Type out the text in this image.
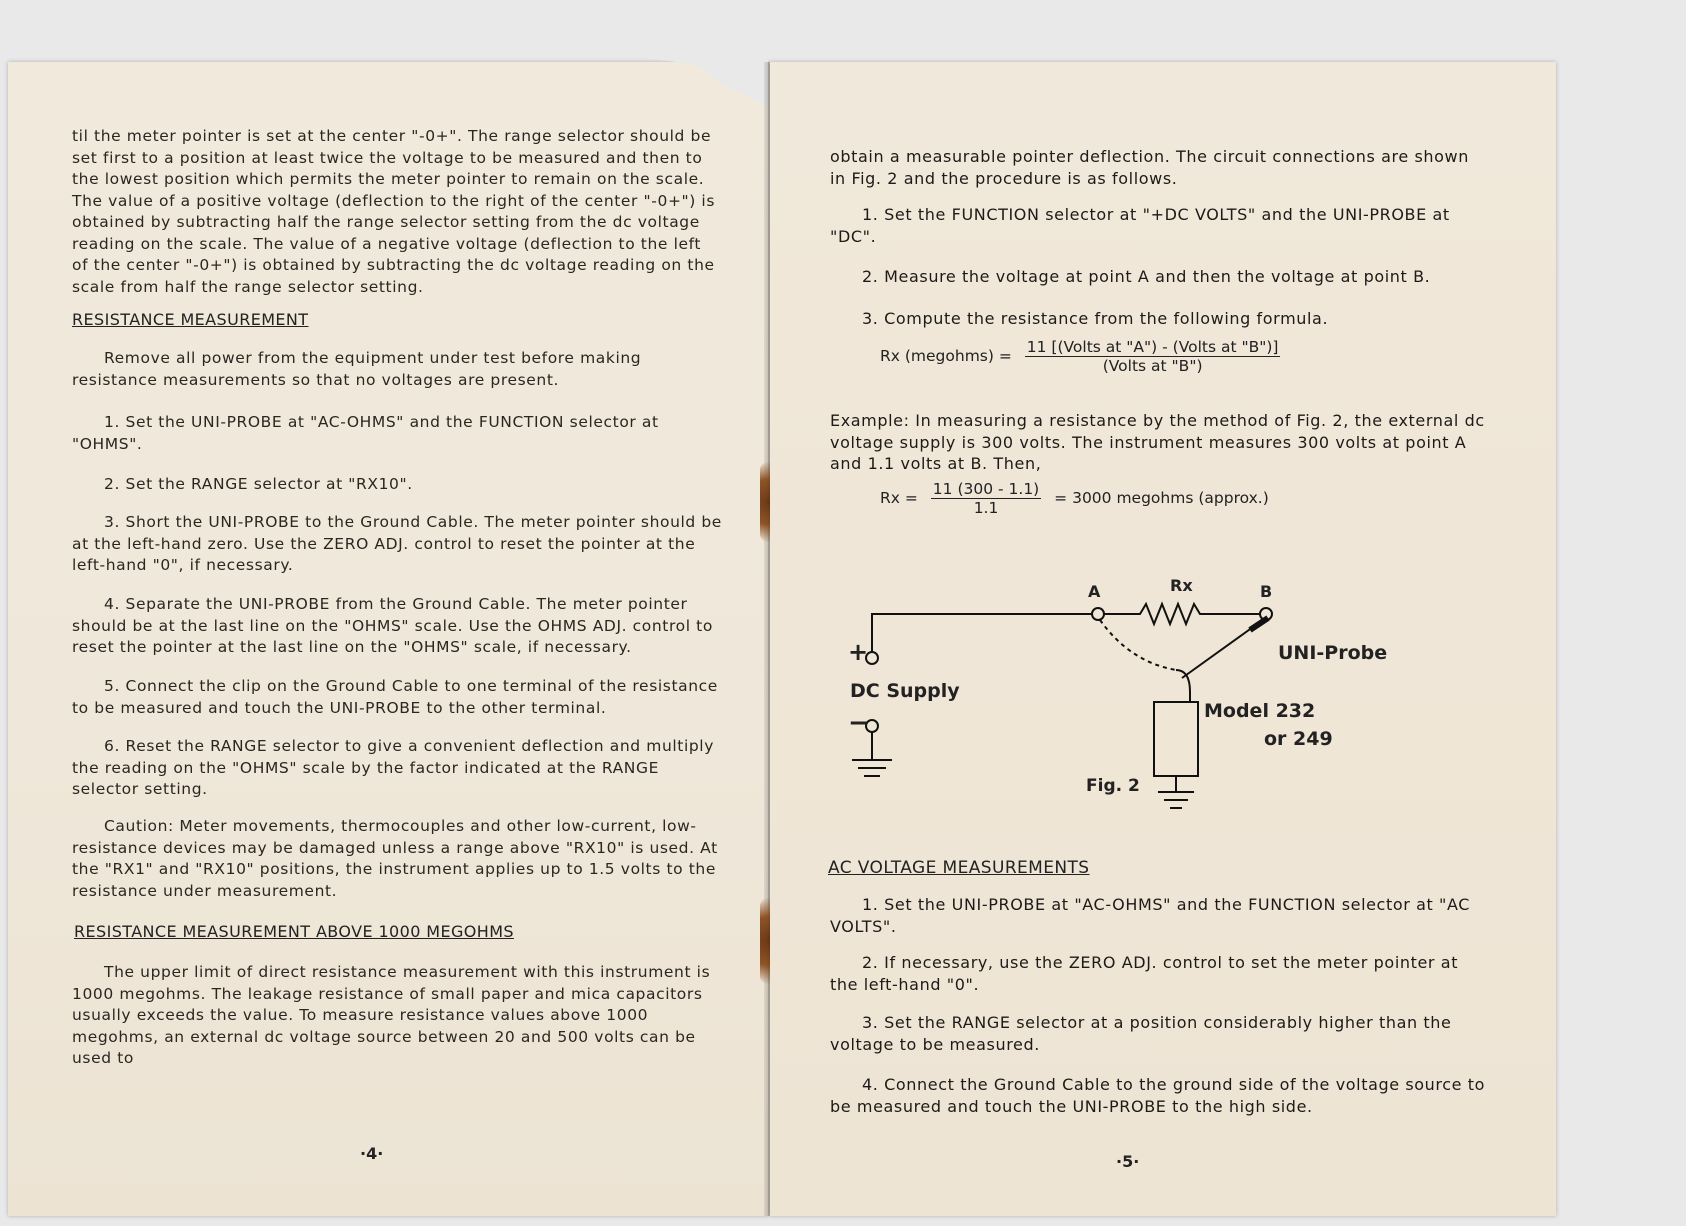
til the meter pointer is set at the center "-0+". The range selector should be set first to a position at least twice the voltage to be measured and then to the lowest position which permits the meter pointer to remain on the scale. The value of a positive voltage (deflection to the right of the center "-0+") is obtained by subtracting half the range selector setting from the dc voltage reading on the scale. The value of a negative voltage (deflection to the left of the center "-0+") is obtained by subtracting the dc voltage reading on the scale from half the range selector setting.

RESISTANCE MEASUREMENT

Remove all power from the equipment under test before making resistance measurements so that no voltages are present.

1. Set the UNI-PROBE at "AC-OHMS" and the FUNCTION selector at "OHMS".

2. Set the RANGE selector at "RX10".

3. Short the UNI-PROBE to the Ground Cable. The meter pointer should be at the left-hand zero. Use the ZERO ADJ. control to reset the pointer at the left-hand "0", if necessary.

4. Separate the UNI-PROBE from the Ground Cable. The meter pointer should be at the last line on the "OHMS" scale. Use the OHMS ADJ. control to reset the pointer at the last line on the "OHMS" scale, if necessary.

5. Connect the clip on the Ground Cable to one terminal of the resistance to be measured and touch the UNI-PROBE to the other terminal.

6. Reset the RANGE selector to give a convenient deflection and multiply the reading on the "OHMS" scale by the factor indicated at the RANGE selector setting.

Caution: Meter movements, thermocouples and other low-current, low-resistance devices may be damaged unless a range above "RX10" is used. At the "RX1" and "RX10" positions, the instrument applies up to 1.5 volts to the resistance under measurement.

RESISTANCE MEASUREMENT ABOVE 1000 MEGOHMS

The upper limit of direct resistance measurement with this instrument is 1000 megohms. The leakage resistance of small paper and mica capacitors usually exceeds the value. To measure resistance values above 1000 megohms, an external dc voltage source between 20 and 500 volts can be used to

·4·

obtain a measurable pointer deflection. The circuit connections are shown in Fig. 2 and the procedure is as follows.

1. Set the FUNCTION selector at "+DC VOLTS" and the UNI-PROBE at "DC".

2. Measure the voltage at point A and then the voltage at point B.

3. Compute the resistance from the following formula.

Rx (megohms) = $\frac{\text{11 [(Volts at "A") - (Volts at "B")]}}{\text{(Volts at "B")}}$

Example: In measuring a resistance by the method of Fig. 2, the external dc voltage supply is 300 volts. The instrument measures 300 volts at point A and 1.1 volts at B. Then,

$Rx = \frac{11 (300 - 1.1)}{1.1} = 3000$ megohms (approx.)
+
−
DC Supply
A	B
Rx
UNI-Probe
Model 232
or 249
Fig. 2
AC VOLTAGE MEASUREMENTS

1. Set the UNI-PROBE at "AC-OHMS" and the FUNCTION selector at "AC VOLTS".

2. If necessary, use the ZERO ADJ. control to set the meter pointer at the left-hand "0".

3. Set the RANGE selector at a position considerably higher than the voltage to be measured.

4. Connect the Ground Cable to the ground side of the voltage source to be measured and touch the UNI-PROBE to the high side.

·5·
